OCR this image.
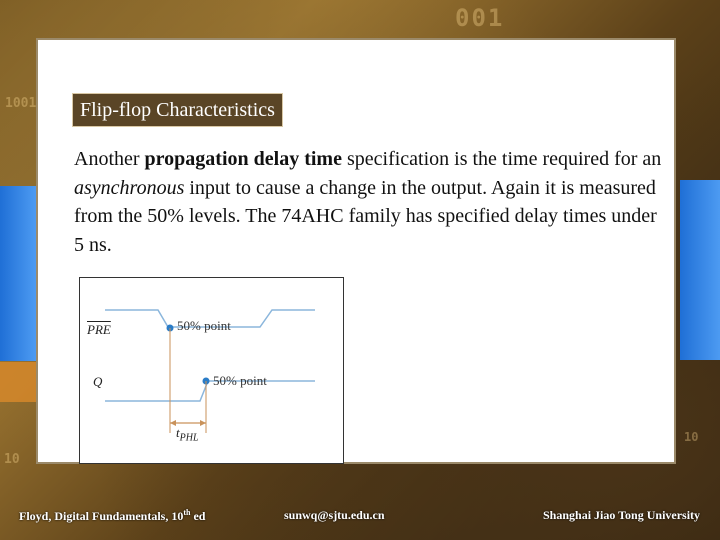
001
1001
10
10
Flip-flop Characteristics
Another propagation delay time specification is the time required for an asynchronous input to cause a change in the output. Again it is measured from the 50% levels. The 74AHC family has specified delay times under 5 ns.
$\overline{PRE}$
Q
50% point
50% point
$t_{PHL}$
Floyd, Digital Fundamentals, 10th ed	sunwq@sjtu.edu.cn	Shanghai Jiao Tong University
